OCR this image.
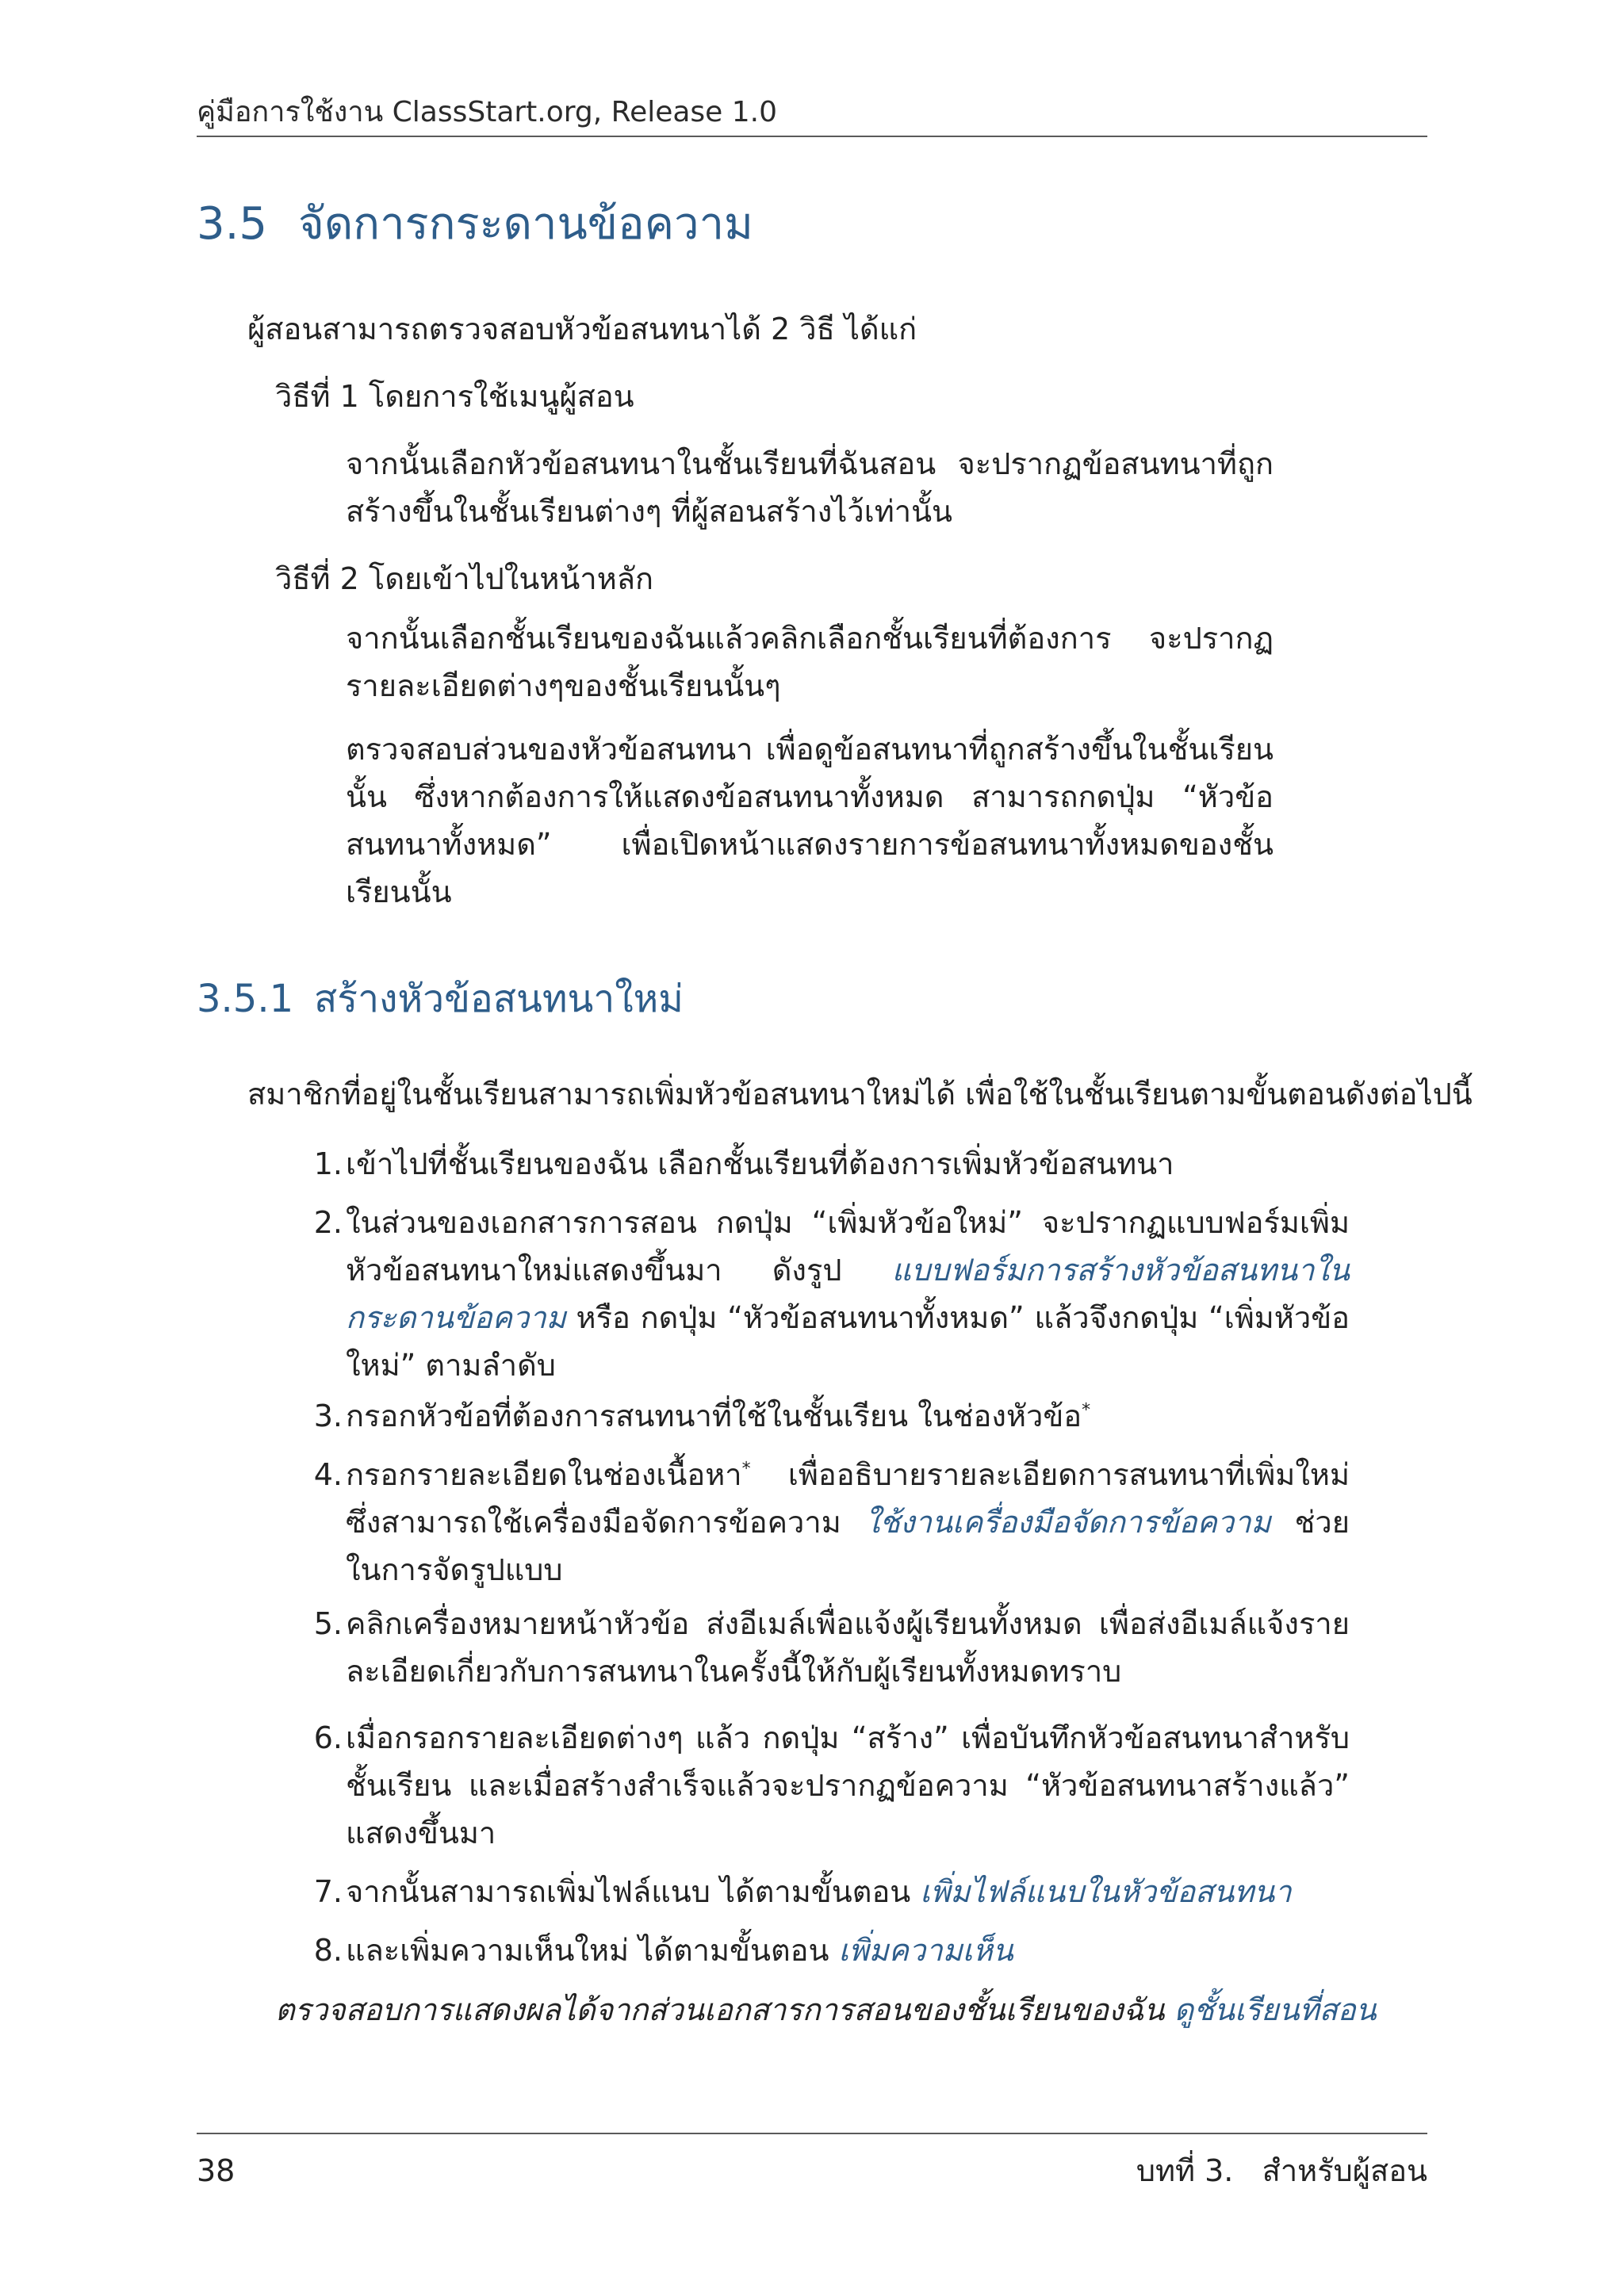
คู่มือการใช้งาน ClassStart.org, Release 1.0
3.5 จัดการกระดานข้อความ
ผู้สอนสามารถตรวจสอบหัวข้อสนทนาได้ 2 วิธี ได้แก่
วิธีที่ 1 โดยการใช้เมนูผู้สอน
จากนั้นเลือกหัวข้อสนทนาในชั้นเรียนที่ฉันสอน จะปรากฏข้อสนทนาที่ถูกสร้างขึ้นในชั้นเรียนต่างๆ ที่ผู้สอนสร้างไว้เท่านั้น
วิธีที่ 2 โดยเข้าไปในหน้าหลัก
จากนั้นเลือกชั้นเรียนของฉันแล้วคลิกเลือกชั้นเรียนที่ต้องการ จะปรากฏรายละเอียดต่างๆของชั้นเรียนนั้นๆ
ตรวจสอบส่วนของหัวข้อสนทนา เพื่อดูข้อสนทนาที่ถูกสร้างขึ้นในชั้นเรียนนั้น ซึ่งหากต้องการให้แสดงข้อสนทนาทั้งหมด สามารถกดปุ่ม “หัวข้อสนทนาทั้งหมด” เพื่อเปิดหน้าแสดงรายการข้อสนทนาทั้งหมดของชั้นเรียนนั้น
3.5.1 สร้างหัวข้อสนทนาใหม่
สมาชิกที่อยู่ในชั้นเรียนสามารถเพิ่มหัวข้อสนทนาใหม่ได้ เพื่อใช้ในชั้นเรียนตามขั้นตอนดังต่อไปนี้
1. เข้าไปที่ชั้นเรียนของฉัน เลือกชั้นเรียนที่ต้องการเพิ่มหัวข้อสนทนา
2. ในส่วนของเอกสารการสอน กดปุ่ม “เพิ่มหัวข้อใหม่” จะปรากฏแบบฟอร์มเพิ่มหัวข้อสนทนาใหม่แสดงขึ้นมา ดังรูป แบบฟอร์มการสร้างหัวข้อสนทนาในกระดานข้อความ หรือ กดปุ่ม “หัวข้อสนทนาทั้งหมด” แล้วจึงกดปุ่ม “เพิ่มหัวข้อใหม่” ตามลำดับ
3. กรอกหัวข้อที่ต้องการสนทนาที่ใช้ในชั้นเรียน ในช่องหัวข้อ*
4. กรอกรายละเอียดในช่องเนื้อหา* เพื่ออธิบายรายละเอียดการสนทนาที่เพิ่มใหม่ ซึ่งสามารถใช้เครื่องมือจัดการข้อความ ใช้งานเครื่องมือจัดการข้อความ ช่วยในการจัดรูปแบบ
5. คลิกเครื่องหมายหน้าหัวข้อ ส่งอีเมล์เพื่อแจ้งผู้เรียนทั้งหมด เพื่อส่งอีเมล์แจ้งรายละเอียดเกี่ยวกับการสนทนาในครั้งนี้ให้กับผู้เรียนทั้งหมดทราบ
6. เมื่อกรอกรายละเอียดต่างๆ แล้ว กดปุ่ม “สร้าง” เพื่อบันทึกหัวข้อสนทนาสำหรับชั้นเรียน และเมื่อสร้างสำเร็จแล้วจะปรากฏข้อความ “หัวข้อสนทนาสร้างแล้ว” แสดงขึ้นมา
7. จากนั้นสามารถเพิ่มไฟล์แนบ ได้ตามขั้นตอน เพิ่มไฟล์แนบในหัวข้อสนทนา
8. และเพิ่มความเห็นใหม่ ได้ตามขั้นตอน เพิ่มความเห็น
ตรวจสอบการแสดงผลได้จากส่วนเอกสารการสอนของชั้นเรียนของฉัน ดูชั้นเรียนที่สอน
38	บทที่ 3.   สำหรับผู้สอน
